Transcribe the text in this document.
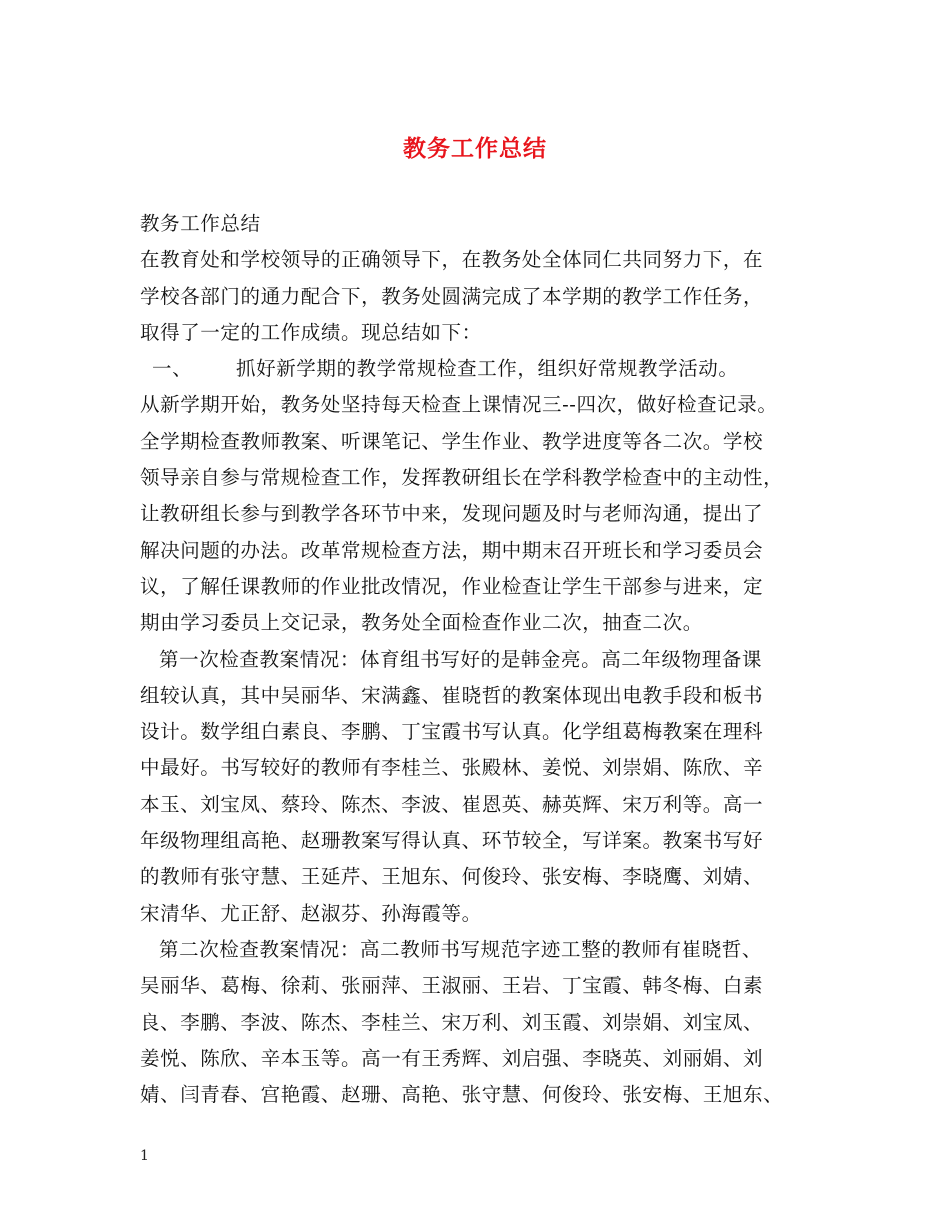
教务工作总结
教务工作总结
在教育处和学校领导的正确领导下，在教务处全体同仁共同努力下，在
学校各部门的通力配合下，教务处圆满完成了本学期的教学工作任务，
取得了一定的工作成绩。现总结如下：
一、 抓好新学期的教学常规检查工作，组织好常规教学活动。
从新学期开始，教务处坚持每天检查上课情况三--四次，做好检查记录。
全学期检查教师教案、听课笔记、学生作业、教学进度等各二次。学校
领导亲自参与常规检查工作，发挥教研组长在学科教学检查中的主动性，
让教研组长参与到教学各环节中来，发现问题及时与老师沟通，提出了
解决问题的办法。改革常规检查方法，期中期末召开班长和学习委员会
议，了解任课教师的作业批改情况，作业检查让学生干部参与进来，定
期由学习委员上交记录，教务处全面检查作业二次，抽查二次。
第一次检查教案情况：体育组书写好的是韩金亮。高二年级物理备课
组较认真，其中吴丽华、宋满鑫、崔晓哲的教案体现出电教手段和板书
设计。数学组白素良、李鹏、丁宝霞书写认真。化学组葛梅教案在理科
中最好。书写较好的教师有李桂兰、张殿林、姜悦、刘崇娟、陈欣、辛
本玉、刘宝凤、蔡玲、陈杰、李波、崔恩英、赫英辉、宋万利等。高一
年级物理组高艳、赵珊教案写得认真、环节较全，写详案。教案书写好
的教师有张守慧、王延芹、王旭东、何俊玲、张安梅、李晓鹰、刘婧、
宋清华、尤正舒、赵淑芬、孙海霞等。
第二次检查教案情况：高二教师书写规范字迹工整的教师有崔晓哲、
吴丽华、葛梅、徐莉、张丽萍、王淑丽、王岩、丁宝霞、韩冬梅、白素
良、李鹏、李波、陈杰、李桂兰、宋万利、刘玉霞、刘崇娟、刘宝凤、
姜悦、陈欣、辛本玉等。高一有王秀辉、刘启强、李晓英、刘丽娟、刘
婧、闫青春、宫艳霞、赵珊、高艳、张守慧、何俊玲、张安梅、王旭东、
1
